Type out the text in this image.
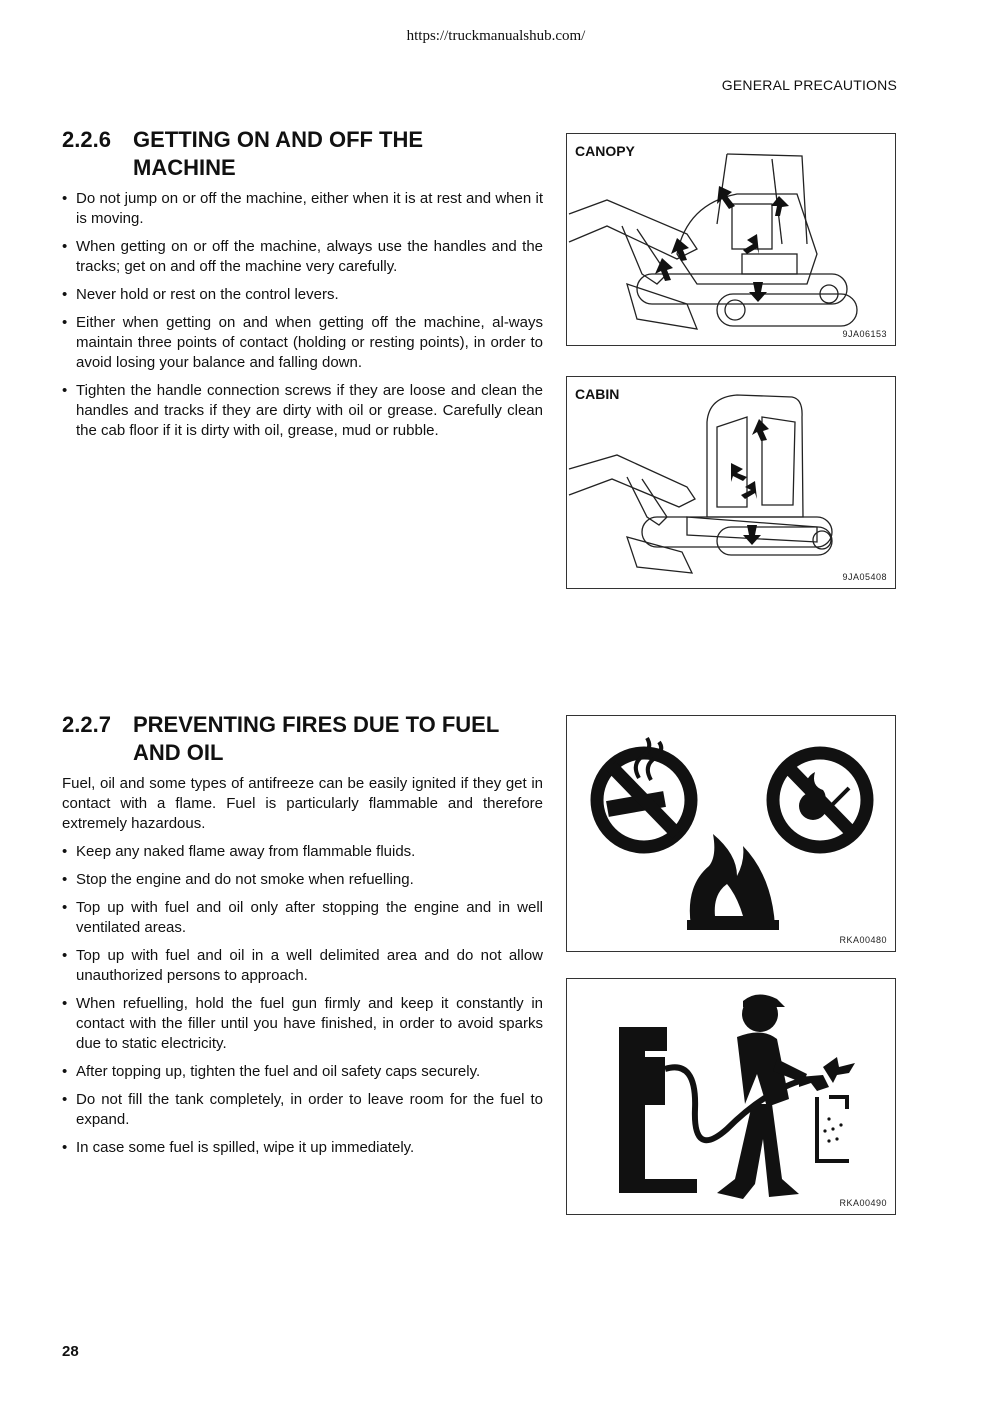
https://truckmanualshub.com/
GENERAL PRECAUTIONS
2.2.6 GETTING ON AND OFF THE
MACHINE
• Do not jump on or off the machine, either when it is at rest and when it is moving.
• When getting on or off the machine, always use the handles and the tracks; get on and off the machine very carefully.
• Never hold or rest on the control levers.
• Either when getting on and when getting off the machine, al-ways maintain three points of contact (holding or resting points), in order to avoid losing your balance and falling down.
• Tighten the handle connection screws if they are loose and clean the handles and tracks if they are dirty with oil or grease. Carefully clean the cab floor if it is dirty with oil, grease, mud or rubble.
CANOPY
9JA06153
CABIN
9JA05408
2.2.7 PREVENTING FIRES DUE TO FUEL
AND OIL

Fuel, oil and some types of antifreeze can be easily ignited if they get in contact with a flame. Fuel is particularly flammable and therefore extremely hazardous.

• Keep any naked flame away from flammable fluids.
• Stop the engine and do not smoke when refuelling.
• Top up with fuel and oil only after stopping the engine and in well ventilated areas.
• Top up with fuel and oil in a well delimited area and do not allow unauthorized persons to approach.
• When refuelling, hold the fuel gun firmly and keep it constantly in contact with the filler until you have finished, in order to avoid sparks due to static electricity.
• After topping up, tighten the fuel and oil safety caps securely.
• Do not fill the tank completely, in order to leave room for the fuel to expand.
• In case some fuel is spilled, wipe it up immediately.
RKA00480
RKA00490
28
